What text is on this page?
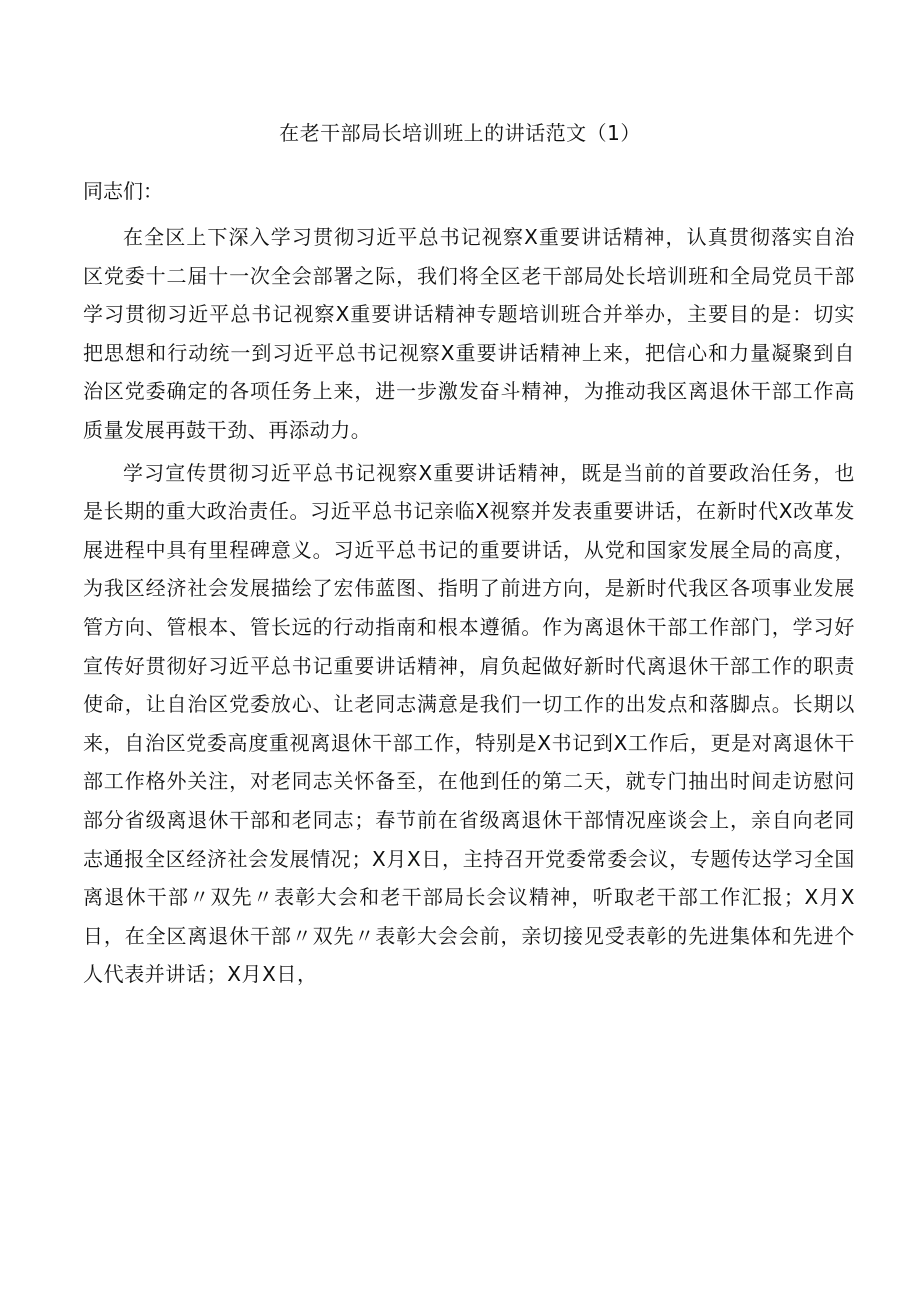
在老干部局长培训班上的讲话范文（1）

同志们：

在全区上下深入学习贯彻习近平总书记视察X重要讲话精神，认真贯彻落实自治区党委十二届十一次全会部署之际，我们将全区老干部局处长培训班和全局党员干部学习贯彻习近平总书记视察X重要讲话精神专题培训班合并举办，主要目的是：切实把思想和行动统一到习近平总书记视察X重要讲话精神上来，把信心和力量凝聚到自治区党委确定的各项任务上来，进一步激发奋斗精神，为推动我区离退休干部工作高质量发展再鼓干劲、再添动力。

学习宣传贯彻习近平总书记视察X重要讲话精神，既是当前的首要政治任务，也是长期的重大政治责任。习近平总书记亲临X视察并发表重要讲话，在新时代X改革发展进程中具有里程碑意义。习近平总书记的重要讲话，从党和国家发展全局的高度，为我区经济社会发展描绘了宏伟蓝图、指明了前进方向，是新时代我区各项事业发展管方向、管根本、管长远的行动指南和根本遵循。作为离退休干部工作部门，学习好宣传好贯彻好习近平总书记重要讲话精神，肩负起做好新时代离退休干部工作的职责使命，让自治区党委放心、让老同志满意是我们一切工作的出发点和落脚点。长期以来，自治区党委高度重视离退休干部工作，特别是X书记到X工作后，更是对离退休干部工作格外关注，对老同志关怀备至，在他到任的第二天，就专门抽出时间走访慰问部分省级离退休干部和老同志；春节前在省级离退休干部情况座谈会上，亲自向老同志通报全区经济社会发展情况；X月X日，主持召开党委常委会议，专题传达学习全国离退休干部〃双先〃表彰大会和老干部局长会议精神，听取老干部工作汇报；X月X日，在全区离退休干部〃双先〃表彰大会会前，亲切接见受表彰的先进集体和先进个人代表并讲话；X月X日，
